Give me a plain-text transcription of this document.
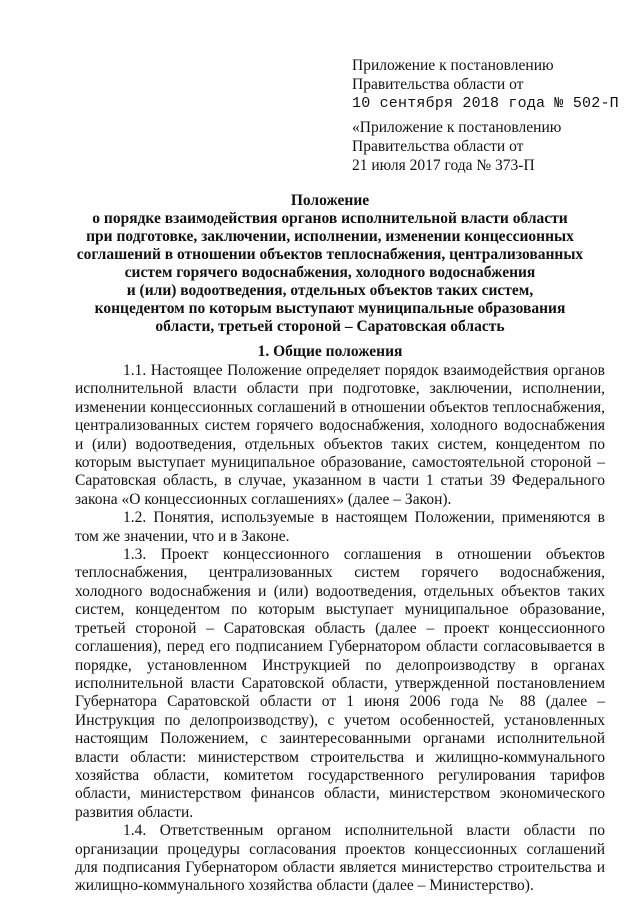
Приложение к постановлению
Правительства области от
10 сентября 2018 года № 502-П
«Приложение к постановлению
Правительства области от
21 июля 2017 года № 373-П
Положение
о порядке взаимодействия органов исполнительной власти области
при подготовке, заключении, исполнении, изменении концессионных
соглашений в отношении объектов теплоснабжения, централизованных
систем горячего водоснабжения, холодного водоснабжения
и (или) водоотведения, отдельных объектов таких систем,
концедентом по которым выступают муниципальные образования
области, третьей стороной – Саратовская область
1. Общие положения

1.1. Настоящее Положение определяет порядок взаимодействия органов исполнительной власти области при подготовке, заключении, исполнении, изменении концессионных соглашений в отношении объектов теплоснабжения, централизованных систем горячего водоснабжения, холодного водоснабжения и (или) водоотведения, отдельных объектов таких систем, концедентом по которым выступает муниципальное образование, самостоятельной стороной – Саратовская область, в случае, указанном в части 1 статьи 39 Федерального закона «О концессионных соглашениях» (далее – Закон).

1.2. Понятия, используемые в настоящем Положении, применяются в том же значении, что и в Законе.

1.3. Проект концессионного соглашения в отношении объектов теплоснабжения, централизованных систем горячего водоснабжения, холодного водоснабжения и (или) водоотведения, отдельных объектов таких систем, концедентом по которым выступает муниципальное образование, третьей стороной – Саратовская область (далее – проект концессионного соглашения), перед его подписанием Губернатором области согласовывается в порядке, установленном Инструкцией по делопроизводству в органах исполнительной власти Саратовской области, утвержденной постановлением Губернатора Саратовской области от 1 июня 2006 года № 88 (далее – Инструкция по делопроизводству), с учетом особенностей, установленных настоящим Положением, с заинтересованными органами исполнительной власти области: министерством строительства и жилищно-коммунального хозяйства области, комитетом государственного регулирования тарифов области, министерством финансов области, министерством экономического развития области.

1.4. Ответственным органом исполнительной власти области по организации процедуры согласования проектов концессионных соглашений для подписания Губернатором области является министерство строительства и жилищно-коммунального хозяйства области (далее – Министерство).
